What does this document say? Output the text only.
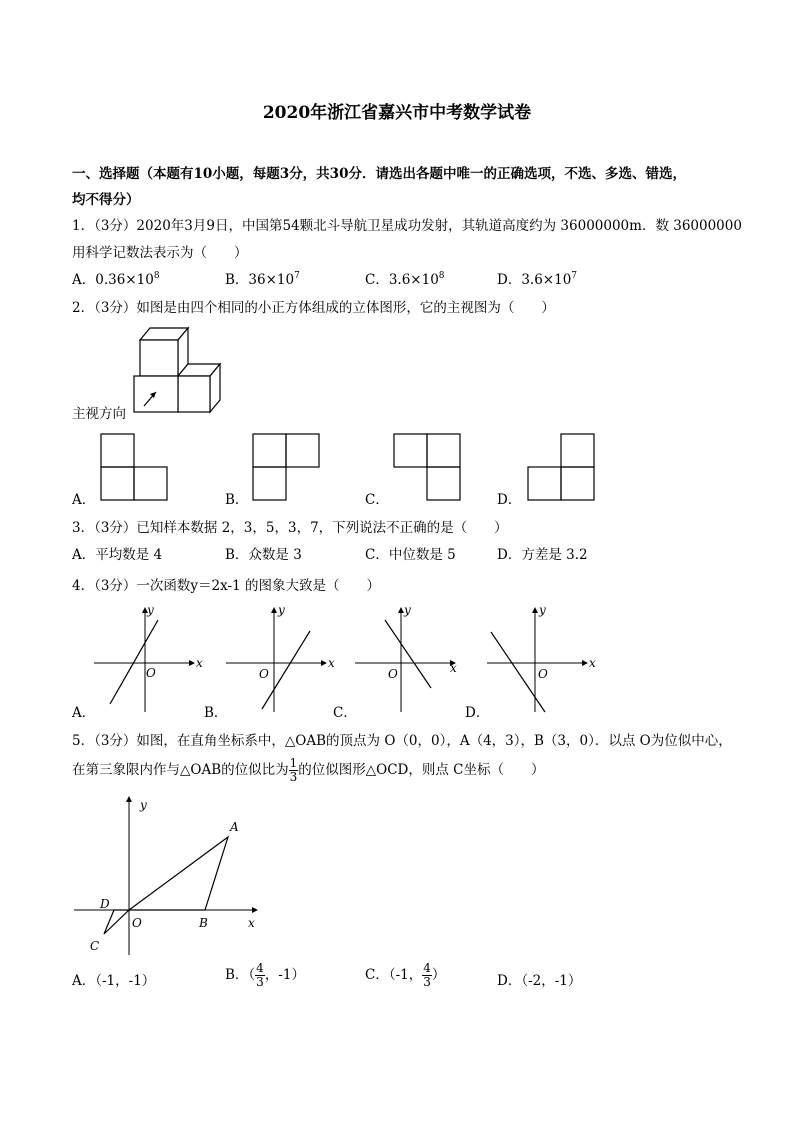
2020年浙江省嘉兴市中考数学试卷
一、选择题（本题有10小题，每题3分，共30分．请选出各题中唯一的正确选项，不选、多选、错选，
均不得分）
1．（3分）2020年3月9日，中国第54颗北斗导航卫星成功发射，其轨道高度约为 36000000m．数 36000000
用科学记数法表示为（　　）
A．$0.36\times 10^8$	B．$36\times 10^7$	C．$3.6\times 10^8$	D．$3.6\times 10^7$
2．（3分）如图是由四个相同的小正方体组成的立体图形，它的主视图为（　　）
主视方向
A．	B．	C．	D．
3．（3分）已知样本数据 2，3，5，3，7，下列说法不正确的是（　　）
A．平均数是 4	B．众数是 3	C．中位数是 5	D．方差是 3.2
4．（3分）一次函数y＝2x-1 的图象大致是（　　）
x
y
O
A．
x
y
O
B．
x
y
O
C．
x
y
O
D．
5．（3分）如图，在直角坐标系中，△OAB的顶点为 O（0，0），A（4，3），B（3，0）．以点 O为位似中心，
在第三象限内作与△OAB的位似比为 $\frac{1}{3}$ 的位似图形△OCD，则点 C坐标（　　）
y
x
A
B
O
C
D
A．（-1，-1）	B．（ $\frac{4}{3}$ ，-1）	C．（-1， $\frac{4}{3}$ ）	D．（-2，-1）
